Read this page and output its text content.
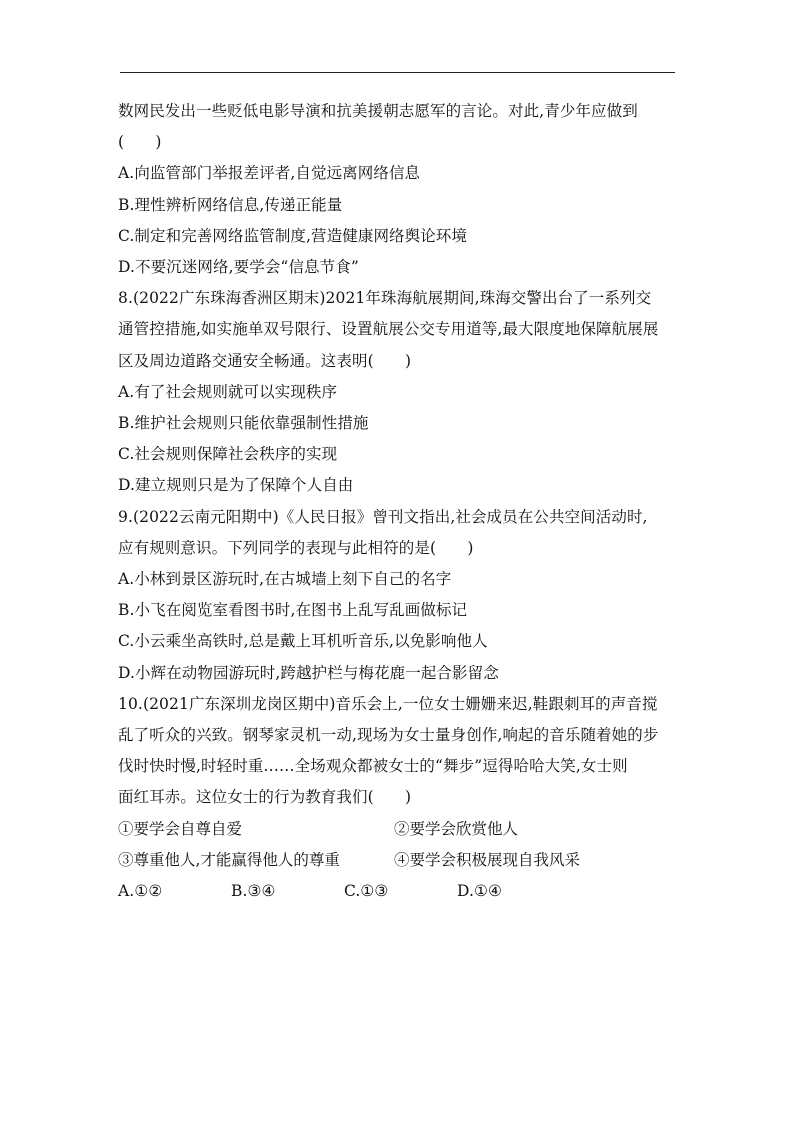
数网民发出一些贬低电影导演和抗美援朝志愿军的言论。对此,青少年应做到
(　　)
A.向监管部门举报差评者,自觉远离网络信息
B.理性辨析网络信息,传递正能量
C.制定和完善网络监管制度,营造健康网络舆论环境
D.不要沉迷网络,要学会“信息节食”
8.(2022广东珠海香洲区期末)2021年珠海航展期间,珠海交警出台了一系列交
通管控措施,如实施单双号限行、设置航展公交专用道等,最大限度地保障航展展
区及周边道路交通安全畅通。这表明(　　)
A.有了社会规则就可以实现秩序
B.维护社会规则只能依靠强制性措施
C.社会规则保障社会秩序的实现
D.建立规则只是为了保障个人自由
9.(2022云南元阳期中)《人民日报》曾刊文指出,社会成员在公共空间活动时,
应有规则意识。下列同学的表现与此相符的是(　　)
A.小林到景区游玩时,在古城墙上刻下自己的名字
B.小飞在阅览室看图书时,在图书上乱写乱画做标记
C.小云乘坐高铁时,总是戴上耳机听音乐,以免影响他人
D.小辉在动物园游玩时,跨越护栏与梅花鹿一起合影留念
10.(2021广东深圳龙岗区期中)音乐会上,一位女士姗姗来迟,鞋跟刺耳的声音搅
乱了听众的兴致。钢琴家灵机一动,现场为女士量身创作,响起的音乐随着她的步
伐时快时慢,时轻时重……全场观众都被女士的“舞步”逗得哈哈大笑,女士则
面红耳赤。这位女士的行为教育我们(　　)
①要学会自尊自爱	②要学会欣赏他人
③尊重他人,才能赢得他人的尊重	④要学会积极展现自我风采
A.①②	B.③④	C.①③	D.①④
